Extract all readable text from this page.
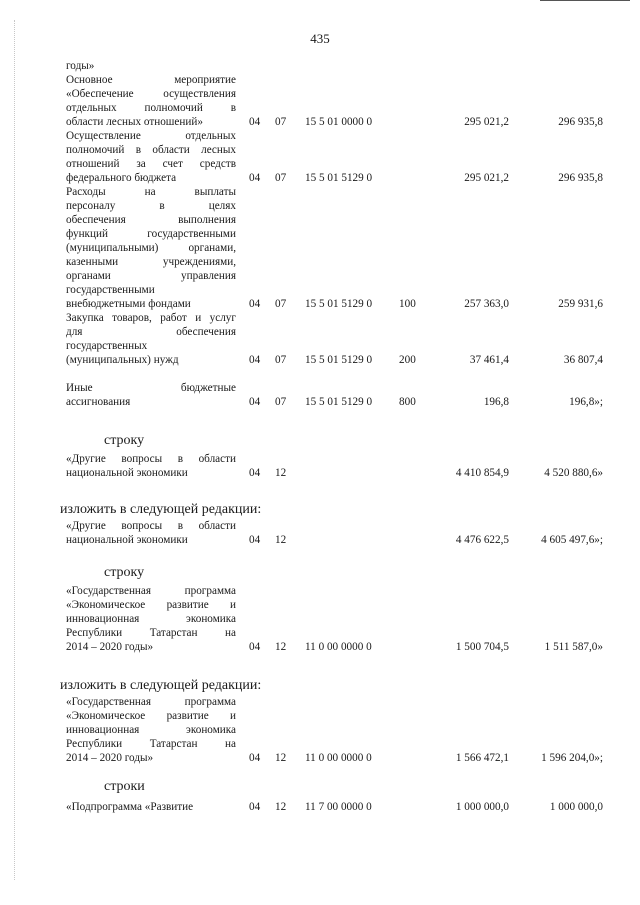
435
годы»
Основное мероприятие
«Обеспечение осуществления
отдельных полномочий в
области лесных отношений»	04 07 15 5 01 0000 0	295 021,2	296 935,8
Осуществление отдельных
полномочий в области лесных
отношений за счет средств
федерального бюджета	04 07 15 5 01 5129 0	295 021,2	296 935,8
Расходы на выплаты
персоналу в целях
обеспечения выполнения
функций государственными
(муниципальными) органами,
казенными учреждениями,
органами управления
государственными
внебюджетными фондами	04 07 15 5 01 5129 0 100	257 363,0	259 931,6
Закупка товаров, работ и услуг
для обеспечения
государственных
(муниципальных) нужд	04 07 15 5 01 5129 0 200	37 461,4	36 807,4
Иные бюджетные
ассигнования	04 07 15 5 01 5129 0 800	196,8	196,8»;
строку
«Другие вопросы в области
национальной экономики	04 12	4 410 854,9	4 520 880,6»
изложить в следующей редакции:
«Другие вопросы в области
национальной экономики	04 12	4 476 622,5	4 605 497,6»;
строку
«Государственная программа
«Экономическое развитие и
инновационная экономика
Республики Татарстан на
2014 – 2020 годы»	04 12 11 0 00 0000 0	1 500 704,5	1 511 587,0»
изложить в следующей редакции:
«Государственная программа
«Экономическое развитие и
инновационная экономика
Республики Татарстан на
2014 – 2020 годы»	04 12 11 0 00 0000 0	1 566 472,1	1 596 204,0»;
строки
«Подпрограмма «Развитие	04 12 11 7 00 0000 0	1 000 000,0	1 000 000,0
